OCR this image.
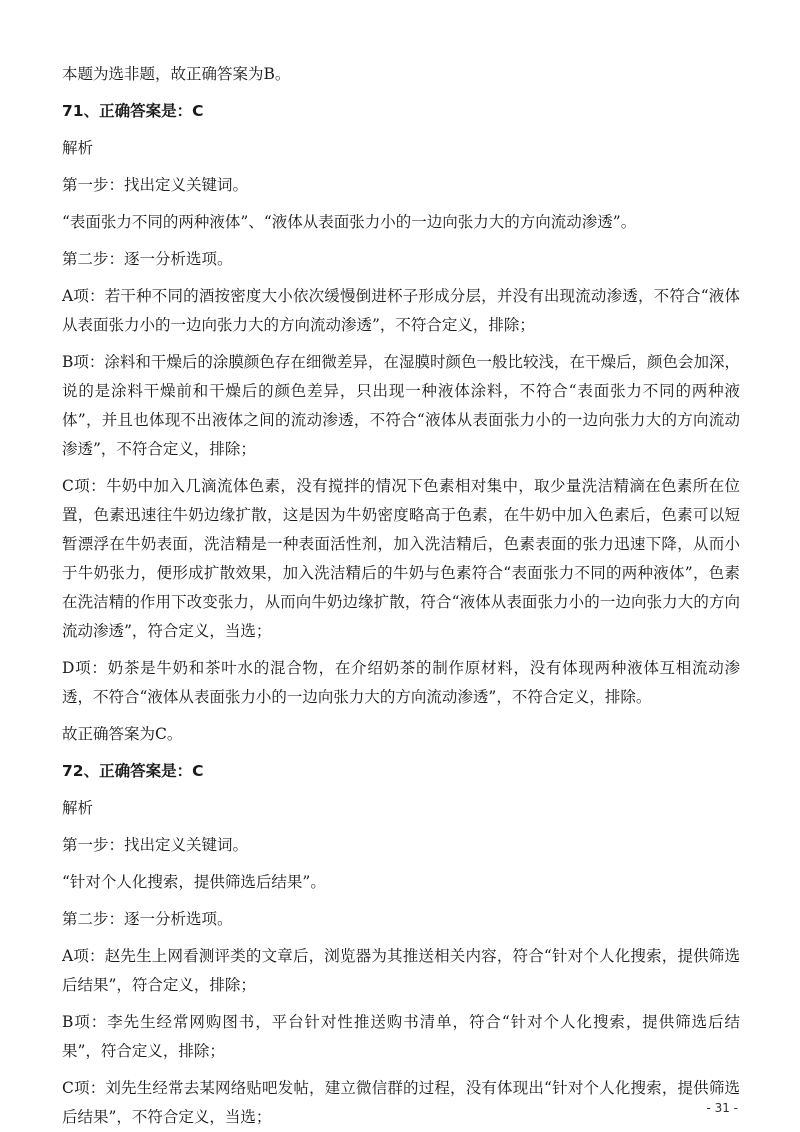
本题为选非题，故正确答案为B。

71、正确答案是：C

解析

第一步：找出定义关键词。

“表面张力不同的两种液体”、“液体从表面张力小的一边向张力大的方向流动渗透”。

第二步：逐一分析选项。

A项：若干种不同的酒按密度大小依次缓慢倒进杯子形成分层，并没有出现流动渗透，不符合“液体从表面张力小的一边向张力大的方向流动渗透”，不符合定义，排除；

B项：涂料和干燥后的涂膜颜色存在细微差异，在湿膜时颜色一般比较浅，在干燥后，颜色会加深，说的是涂料干燥前和干燥后的颜色差异，只出现一种液体涂料，不符合“表面张力不同的两种液体”，并且也体现不出液体之间的流动渗透，不符合“液体从表面张力小的一边向张力大的方向流动渗透”，不符合定义，排除；

C项：牛奶中加入几滴流体色素，没有搅拌的情况下色素相对集中，取少量洗洁精滴在色素所在位置，色素迅速往牛奶边缘扩散，这是因为牛奶密度略高于色素，在牛奶中加入色素后，色素可以短暂漂浮在牛奶表面，洗洁精是一种表面活性剂，加入洗洁精后，色素表面的张力迅速下降，从而小于牛奶张力，便形成扩散效果，加入洗洁精后的牛奶与色素符合“表面张力不同的两种液体”，色素在洗洁精的作用下改变张力，从而向牛奶边缘扩散，符合“液体从表面张力小的一边向张力大的方向流动渗透”，符合定义，当选；

D项：奶茶是牛奶和茶叶水的混合物，在介绍奶茶的制作原材料，没有体现两种液体互相流动渗透，不符合“液体从表面张力小的一边向张力大的方向流动渗透”，不符合定义，排除。

故正确答案为C。

72、正确答案是：C

解析

第一步：找出定义关键词。

“针对个人化搜索，提供筛选后结果”。

第二步：逐一分析选项。

A项：赵先生上网看测评类的文章后，浏览器为其推送相关内容，符合“针对个人化搜索，提供筛选后结果”，符合定义，排除；

B项：李先生经常网购图书，平台针对性推送购书清单，符合“针对个人化搜索，提供筛选后结果”，符合定义，排除；

C项：刘先生经常去某网络贴吧发帖，建立微信群的过程，没有体现出“针对个人化搜索，提供筛选后结果”，不符合定义，当选；	- 31 -
